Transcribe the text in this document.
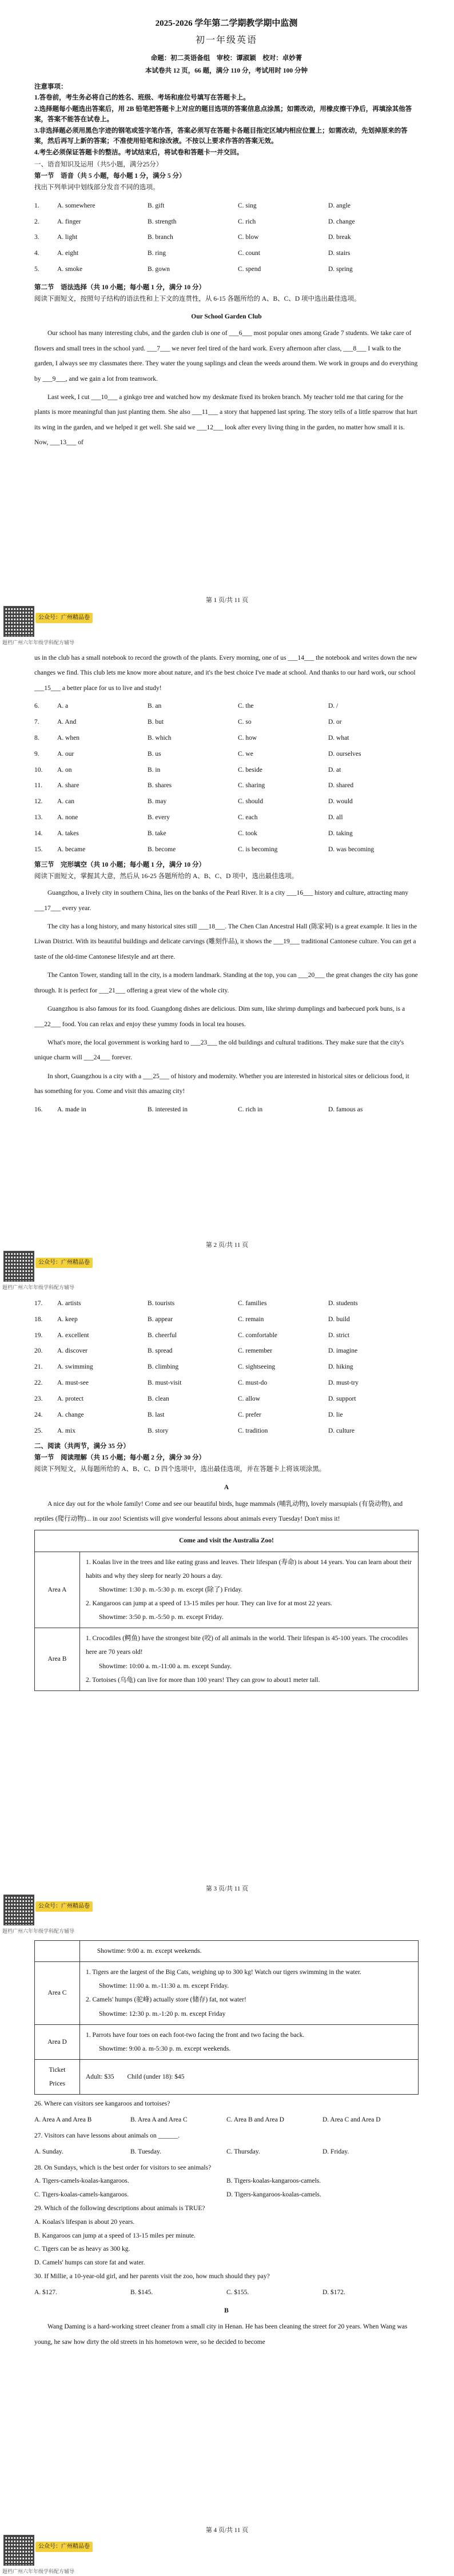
2025-2026 学年第二学期教学期中监测
初一年级英语
命题：初二英语备组　审校：谭淑颖　校对：卓妙菁
本试卷共 12 页，66 题，满分 110 分，考试用时 100 分钟
注意事项：
1.答卷前，考生务必将自己的姓名、班级、考场和座位号填写在答题卡上。
2.选择题每小题选出答案后，用 2B 铅笔把答题卡上对应的题目选项的答案信息点涂黑；如需改动，用橡皮擦干净后，再填涂其他答案，答案不能答在试卷上。
3.非选择题必须用黑色字迹的钢笔或签字笔作答，答案必须写在答题卡各题目指定区域内相应位置上；如需改动，先划掉原来的答案，然后再写上新的答案；不准使用铅笔和涂改液。不按以上要求作答的答案无效。
4.考生必须保证答题卡的整洁。考试结束后，将试卷和答题卡一并交回。
一、语音知识及运用（共5小题，满分25分）
第一节　语音（共 5 小题，每小题 1 分，满分 5 分）
找出下列单词中划线部分发音不同的选项。
1.	A. somewhere	B. gift	C. sing	D. angle
2.	A. finger	B. strength	C. rich	D. change
3.	A. light	B. branch	C. blow	D. break
4.	A. eight	B. ring	C. count	D. stairs
5.	A. smoke	B. gown	C. spend	D. spring
第二节　语法选择（共 10 小题；每小题 1 分，满分 10 分）
阅读下面短文，按照句子结构的语法性和上下文的连贯性，从 6-15 各题所给的 A、B、C、D 项中选出最佳选项。
Our School Garden Club
Our school has many interesting clubs, and the garden club is one of ___6___ most popular ones among Grade 7 students. We take care of flowers and small trees in the school yard. ___7___ we never feel tired of the hard work. Every afternoon after class, ___8___ I walk to the garden, I always see my classmates there. They water the young saplings and clean the weeds around them. We work in groups and do everything by ___9___, and we gain a lot from teamwork.
Last week, I cut ___10___ a ginkgo tree and watched how my deskmate fixed its broken branch. My teacher told me that caring for the plants is more meaningful than just planting them. She also ___11___ a story that happened last spring. The story tells of a little sparrow that hurt its wing in the garden, and we helped it get well. She said we ___12___ look after every living thing in the garden, no matter how small it is. Now, ___13___ of
第 1 页/共 11 页
公众号：广州精品卷
题档广州六年年级学科配方辅导
us in the club has a small notebook to record the growth of the plants. Every morning, one of us ___14___ the notebook and writes down the new changes we find. This club lets me know more about nature, and it's the best choice I've made at school. And thanks to our hard work, our school ___15___ a better place for us to live and study!
6.	A. a	B. an	C. the	D. /
7.	A. And	B. but	C. so	D. or
8.	A. when	B. which	C. how	D. what
9.	A. our	B. us	C. we	D. ourselves
10.	A. on	B. in	C. beside	D. at
11.	A. share	B. shares	C. sharing	D. shared
12.	A. can	B. may	C. should	D. would
13.	A. none	B. every	C. each	D. all
14.	A. takes	B. take	C. took	D. taking
15.	A. became	B. become	C. is becoming	D. was becoming
第三节　完形填空（共 10 小题；每小题 1 分，满分 10 分）
阅读下面短文，掌握其大意，然后从 16-25 各题所给的 A、B、C、D 项中，选出最佳选项。
Guangzhou, a lively city in southern China, lies on the banks of the Pearl River. It is a city ___16___ history and culture, attracting many ___17___ every year.
The city has a long history, and many historical sites still ___18___. The Chen Clan Ancestral Hall (陈家祠) is a great example. It lies in the Liwan District. With its beautiful buildings and delicate carvings (雕刻作品), it shows the ___19___ traditional Cantonese culture. You can get a taste of the old-time Cantonese lifestyle and art there.
The Canton Tower, standing tall in the city, is a modern landmark. Standing at the top, you can ___20___ the great changes the city has gone through. It is perfect for ___21___ offering a great view of the whole city.
Guangzhou is also famous for its food. Guangdong dishes are delicious. Dim sum, like shrimp dumplings and barbecued pork buns, is a ___22___ food. You can relax and enjoy these yummy foods in local tea houses.
What's more, the local government is working hard to ___23___ the old buildings and cultural traditions. They make sure that the city's unique charm will ___24___ forever.
In short, Guangzhou is a city with a ___25___ of history and modernity. Whether you are interested in historical sites or delicious food, it has something for you. Come and visit this amazing city!
16.	A. made in	B. interested in	C. rich in	D. famous as
第 2 页/共 11 页
公众号：广州精品卷
题档广州六年年级学科配方辅导
17.	A. artists	B. tourists	C. families	D. students
18.	A. keep	B. appear	C. remain	D. build
19.	A. excellent	B. cheerful	C. comfortable	D. strict
20.	A. discover	B. spread	C. remember	D. imagine
21.	A. swimming	B. climbing	C. sightseeing	D. hiking
22.	A. must-see	B. must-visit	C. must-do	D. must-try
23.	A. protect	B. clean	C. allow	D. support
24.	A. change	B. last	C. prefer	D. lie
25.	A. mix	B. story	C. tradition	D. culture
二、阅读（共两节，满分 35 分）
第一节　阅读理解（共 15 小题；每小题 2 分，满分 30 分）
阅读下列短文，从每题所给的 A、B、C、D 四个选项中，选出最佳选项，并在答题卡上将该项涂黑。
A
A nice day out for the whole family! Come and see our beautiful birds, huge mammals (哺乳动物), lovely marsupials (有袋动物), and reptiles (爬行动物)... in our zoo! Scientists will give wonderful lessons about animals every Tuesday! Don't miss it!
Come and visit the Australia Zoo!	
Area A	1. Koalas live in the trees and like eating grass and leaves. Their lifespan (寿命) is about 14 years. You can learn about their habits and why they sleep for nearly 20 hours a day.
Showtime: 1:30 p. m.-5:30 p. m. except (除了) Friday.
2. Kangaroos can jump at a speed of 13-15 miles per hour. They can live for at most 22 years.
Showtime: 3:50 p. m.-5:50 p. m. except Friday.

Area B	1. Crocodiles (鳄鱼) have the strongest bite (咬) of all animals in the world. Their lifespan is 45-100 years. The crocodiles here are 70 years old!
Showtime: 10:00 a. m.-11:00 a. m. except Sunday.
2. Tortoises (乌龟) can live for more than 100 years! They can grow to about1 meter tall.
第 3 页/共 11 页
公众号：广州精品卷
题档广州六年年级学科配方辅导
	Showtime: 9:00 a. m. except weekends.
Area C	1. Tigers are the largest of the Big Cats, weighing up to 300 kg! Watch our tigers swimming in the water.
Showtime: 11:00 a. m.-11:30 a. m. except Friday.
2. Camels' humps (驼峰) actually store (储存) fat, not water!
Showtime: 12:30 p. m.-1:20 p. m. except Friday

Area D	1. Parrots have four toes on each foot-two facing the front and two facing the back.
Showtime: 9:00 a. m-5:30 p. m. except weekends.

Ticket Prices	Adult: $35　　Child (under 18): $45
26. Where can visitors see kangaroos and tortoises?
A. Area A and Area B	B. Area A and Area C	C. Area B and Area D	D. Area C and Area D
27. Visitors can have lessons about animals on ______.
A. Sunday.	B. Tuesday.	C. Thursday.	D. Friday.
28. On Sundays, which is the best order for visitors to see animals?
A. Tigers-camels-koalas-kangaroos.	B. Tigers-koalas-kangaroos-camels.
C. Tigers-koalas-camels-kangaroos.	D. Tigers-kangaroos-koalas-camels.
29. Which of the following descriptions about animals is TRUE?
A. Koalas's lifespan is about 20 years.
B. Kangaroos can jump at a speed of 13-15 miles per minute.
C. Tigers can be as heavy as 300 kg.
D. Camels' humps can store fat and water.
30. If Millie, a 10-year-old girl, and her parents visit the zoo, how much should they pay?
A. $127.	B. $145.	C. $155.	D. $172.
B
Wang Daming is a hard-working street cleaner from a small city in Henan. He has been cleaning the street for 20 years. When Wang was young, he saw how dirty the old streets in his hometown were, so he decided to become
第 4 页/共 11 页
公众号：广州精品卷
题档广州六年年级学科配方辅导
